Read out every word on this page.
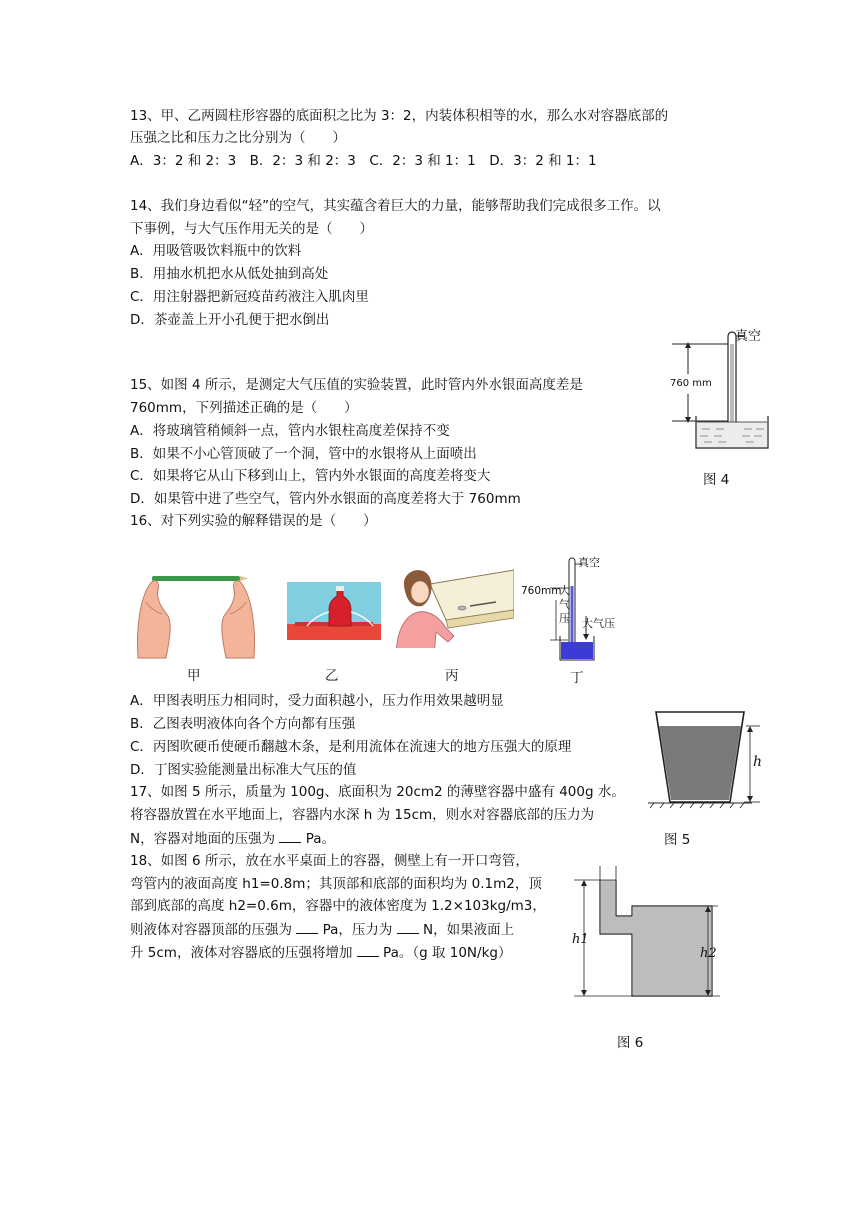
13、甲、乙两圆柱形容器的底面积之比为 3：2，内装体积相等的水，那么水对容器底部的
压强之比和压力之比分别为（　　）
A．3：2 和 2：3　B．2：3 和 2：3　C．2：3 和 1：1　D．3：2 和 1：1
14、我们身边看似“轻”的空气，其实蕴含着巨大的力量，能够帮助我们完成很多工作。以
下事例，与大气压作用无关的是（　　）
A．用吸管吸饮料瓶中的饮料
B．用抽水机把水从低处抽到高处
C．用注射器把新冠疫苗药液注入肌肉里
D．茶壶盖上开小孔便于把水倒出
15、如图 4 所示，是测定大气压值的实验装置，此时管内外水银面高度差是
760mm，下列描述正确的是（　　）
A．将玻璃管稍倾斜一点，管内水银柱高度差保持不变
B．如果不小心管顶破了一个洞，管中的水银将从上面喷出
C．如果将它从山下移到山上，管内外水银面的高度差将变大
D．如果管中进了些空气，管内外水银面的高度差将大于 760mm
真空
760 mm
图 4
16、对下列实验的解释错误的是（　　）
甲	乙	丙
真空
760mm
大
气
压 大气压
丁
A．甲图表明压力相同时，受力面积越小，压力作用效果越明显
B．乙图表明液体向各个方向都有压强
C．丙图吹硬币使硬币翻越木条，是利用流体在流速大的地方压强大的原理
D．丁图实验能测量出标准大气压的值
17、如图 5 所示，质量为 100g、底面积为 20cm2 的薄壁容器中盛有 400g 水。
将容器放置在水平地面上，容器内水深 h 为 15cm，则水对容器底部的压力为
N，容器对地面的压强为 Pa。
h
图 5
18、如图 6 所示，放在水平桌面上的容器，侧壁上有一开口弯管，
弯管内的液面高度 h1=0.8m；其顶部和底部的面积均为 0.1m2，顶
部到底部的高度 h2=0.6m，容器中的液体密度为 1.2×103kg/m3，
则液体对容器顶部的压强为 Pa，压力为 N，如果液面上
升 5cm，液体对容器底的压强将增加 Pa。（g 取 10N/kg）
h1
h2
图 6
